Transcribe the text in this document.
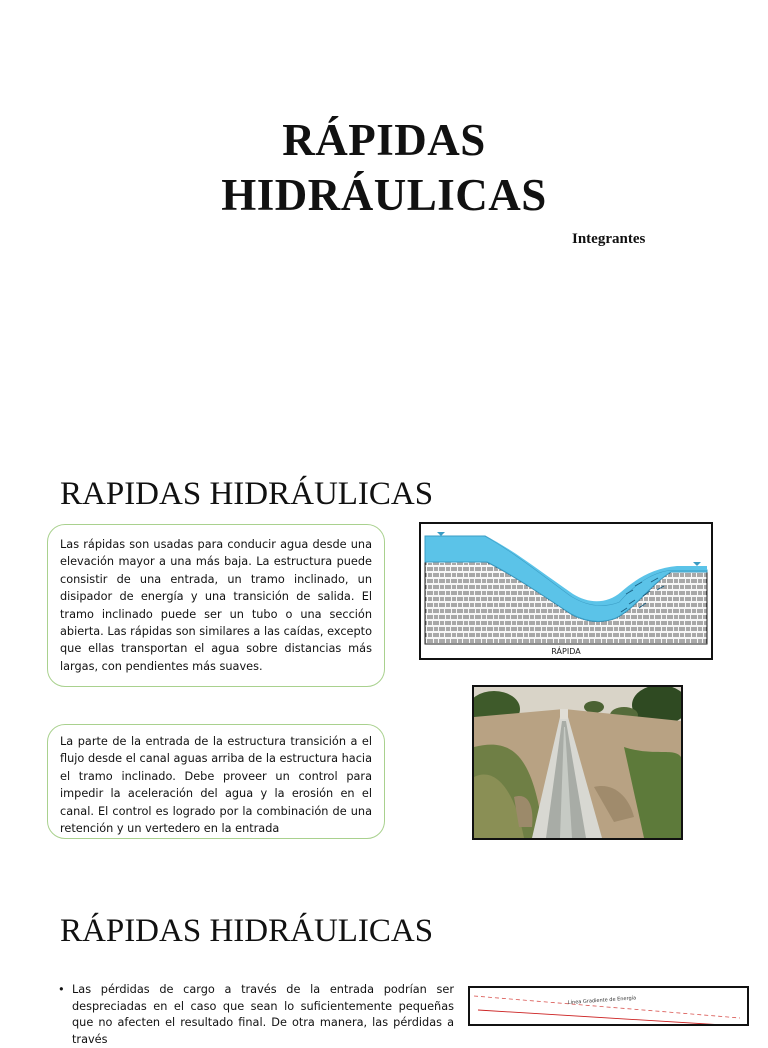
RÁPIDAS
HIDRÁULICAS
Integrantes
RAPIDAS HIDRÁULICAS
Las rápidas son usadas para conducir agua desde una elevación mayor a una más baja. La estructura puede consistir de una entrada, un tramo inclinado, un disipador de energía y una transición de salida. El tramo inclinado puede ser un tubo o una sección abierta. Las rápidas son similares a las caídas, excepto que ellas transportan el agua sobre distancias más largas, con pendientes más suaves.
La parte de la entrada de la estructura transición a el flujo desde el canal aguas arriba de la estructura hacia el tramo inclinado. Debe proveer un control para impedir la aceleración del agua y la erosión en el canal. El control es logrado por la combinación de una retención y un vertedero en la entrada
RÁPIDA
RÁPIDAS HIDRÁULICAS
• Las pérdidas de cargo a través de la entrada podrían ser despreciadas en el caso que sean lo suficientemente pequeñas que no afecten el resultado final. De otra manera, las pérdidas a través
Línea Gradiente de Energía
